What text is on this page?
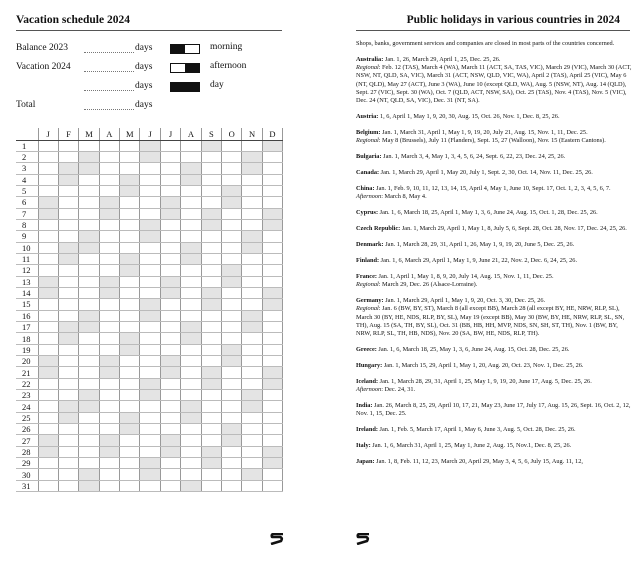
Vacation schedule 2024
Balance 2023	days
Vacation 2024	days
days
Total	days
morning
afternoon
day
	J	F	M	A	M	J	J	A	S	O	N	D
1												
2												
3												
4												
5												
6												
7												
8												
9												
10												
11												
12												
13												
14												
15												
16												
17												
18												
19												
20												
21												
22												
23												
24												
25												
26												
27												
28												
29												
30												
31												
Public holidays in various countries in 2024

Shops, banks, government services and companies are closed in most parts of the countries concerned.

Australia: Jan. 1, 26, March 29, April 1, 25, Dec. 25, 26.
Regional: Feb. 12 (TAS), March 4 (WA), March 11 (ACT, SA, TAS, VIC), March 29 (VIC), March 30 (ACT, NSW, NT, QLD, SA, VIC), March 31 (ACT, NSW, QLD, VIC, WA), April 2 (TAS), April 25 (VIC), May 6 (NT, QLD), May 27 (ACT), June 3 (WA), June 10 (except QLD, WA), Aug. 5 (NSW, NT), Aug. 14 (QLD), Sept. 27 (VIC), Sept. 30 (WA), Oct. 7 (QLD, ACT, NSW, SA), Oct. 25 (TAS), Nov. 4 (TAS), Nov. 5 (VIC), Dec. 24 (NT, QLD, SA, VIC), Dec. 31 (NT, SA).

Austria: 1, 6, April 1, May 1, 9, 20, 30, Aug. 15, Oct. 26, Nov. 1, Dec. 8, 25, 26.

Belgium: Jan. 1, March 31, April 1, May 1, 9, 19, 20, July 21, Aug. 15, Nov. 1, 11, Dec. 25.
Regional: May 8 (Brussels), July 11 (Flanders), Sept. 15, 27 (Walloon), Nov. 15 (Eastern Cantons).

Bulgaria: Jan. 1, March 3, 4, May 1, 3, 4, 5, 6, 24, Sept. 6, 22, 23, Dec. 24, 25, 26.

Canada: Jan. 1, March 29, April 1, May 20, July 1, Sept. 2, 30, Oct. 14, Nov. 11, Dec. 25, 26.

China: Jan. 1, Feb. 9, 10, 11, 12, 13, 14, 15, April 4, May 1, June 10, Sept. 17, Oct. 1, 2, 3, 4, 5, 6, 7.
Afternoon: March 8, May 4.

Cyprus: Jan. 1, 6, March 18, 25, April 1, May 1, 3, 6, June 24, Aug. 15, Oct. 1, 28, Dec. 25, 26.

Czech Republic: Jan. 1, March 29, April 1, May 1, 8, July 5, 6, Sept. 28, Oct. 28, Nov. 17, Dec. 24, 25, 26.

Denmark: Jan. 1, March 28, 29, 31, April 1, 26, May 1, 9, 19, 20, June 5, Dec. 25, 26.

Finland: Jan. 1, 6, March 29, April 1, May 1, 9, June 21, 22, Nov. 2, Dec. 6, 24, 25, 26.

France: Jan. 1, April 1, May 1, 8, 9, 20, July 14, Aug. 15, Nov. 1, 11, Dec. 25.
Regional: March 29, Dec. 26 (Alsace-Lorraine).

Germany: Jan. 1, March 29, April 1, May 1, 9, 20, Oct. 3, 30, Dec. 25, 26.
Regional: Jan. 6 (BW, BY, ST), March 8 (all except BB), March 28 (all except BY, HE, NRW, RLP, SL), March 30 (BY, HE, NDS, RLP, BY, SL), May 19 (except BB), May 30 (BW, BY, HE, NRW, RLP, SL, SN, TH), Aug. 15 (SA, TH, BY, SL), Oct. 31 (BB, HB, HH, MVP, NDS, SN, SH, ST, TH), Nov. 1 (BW, BY, NRW, RLP, SL, TH, HB, NDS), Nov. 20 (SA, BW, HE, NDS, RLP, TH).

Greece: Jan. 1, 6, March 18, 25, May 1, 3, 6, June 24, Aug. 15, Oct. 28, Dec. 25, 26.

Hungary: Jan. 1, March 15, 29, April 1, May 1, 20, Aug. 20, Oct. 23, Nov. 1, Dec. 25, 26.

Iceland: Jan. 1, March 28, 29, 31, April 1, 25, May 1, 9, 19, 20, June 17, Aug. 5, Dec. 25, 26.
Afternoon: Dec. 24, 31.

India: Jan. 26, March 8, 25, 29, April 10, 17, 21, May 23, June 17, July 17, Aug. 15, 26, Sept. 16, Oct. 2, 12, Nov. 1, 15, Dec. 25.

Ireland: Jan. 1, Feb. 5, March 17, April 1, May 6, June 3, Aug. 5, Oct. 28, Dec. 25, 26.

Italy: Jan. 1, 6, March 31, April 1, 25, May 1, June 2, Aug. 15, Nov.1, Dec. 8, 25, 26.

Japan: Jan. 1, 8, Feb. 11, 12, 23, March 20, April 29, May 3, 4, 5, 6, July 15, Aug. 11, 12,
